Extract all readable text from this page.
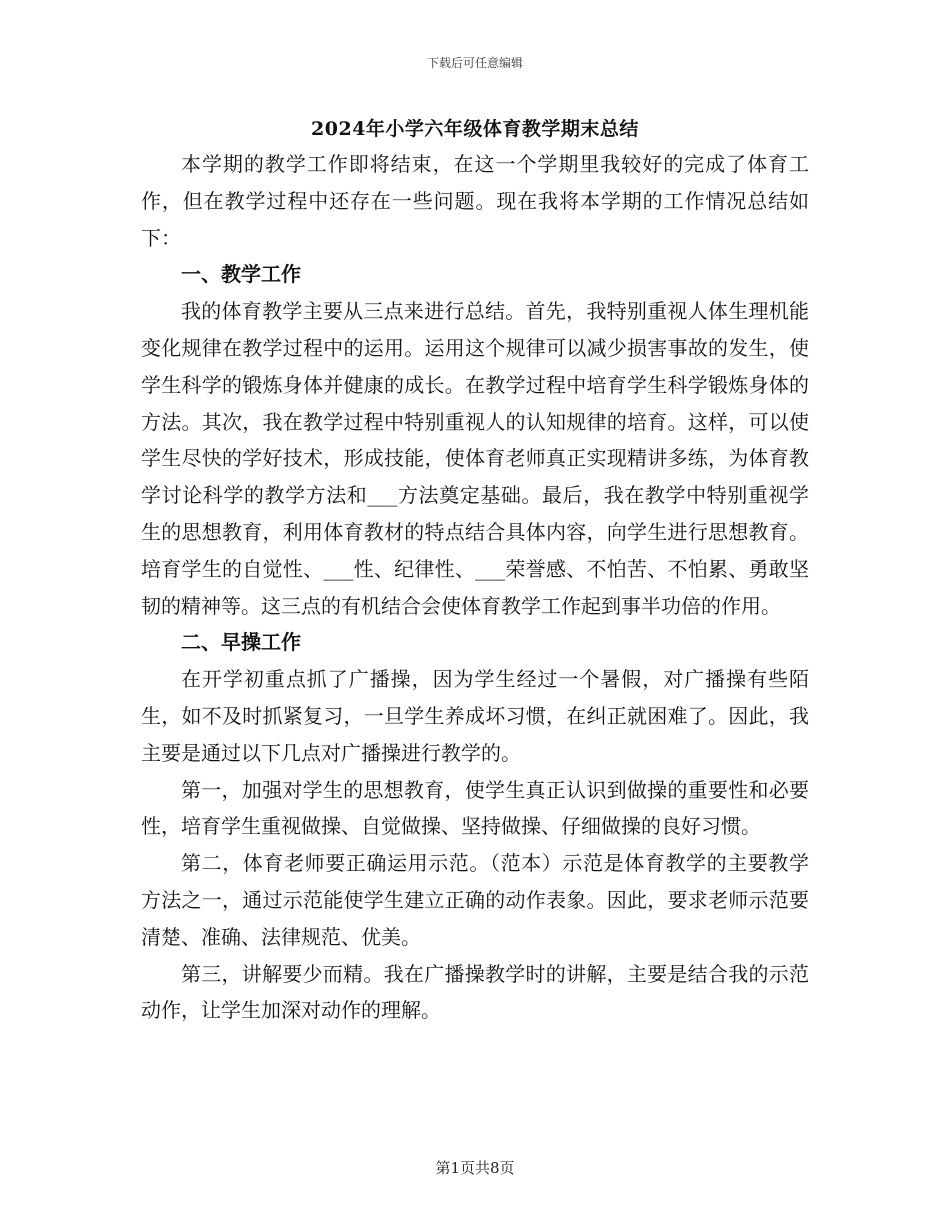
下载后可任意编辑
2024年小学六年级体育教学期末总结

本学期的教学工作即将结束，在这一个学期里我较好的完成了体育工作，但在教学过程中还存在一些问题。现在我将本学期的工作情况总结如下：

一、教学工作

我的体育教学主要从三点来进行总结。首先，我特别重视人体生理机能变化规律在教学过程中的运用。运用这个规律可以减少损害事故的发生，使学生科学的锻炼身体并健康的成长。在教学过程中培育学生科学锻炼身体的方法。其次，我在教学过程中特别重视人的认知规律的培育。这样，可以使学生尽快的学好技术，形成技能，使体育老师真正实现精讲多练，为体育教学讨论科学的教学方法和___方法奠定基础。最后，我在教学中特别重视学生的思想教育，利用体育教材的特点结合具体内容，向学生进行思想教育。培育学生的自觉性、___性、纪律性、___荣誉感、不怕苦、不怕累、勇敢坚韧的精神等。这三点的有机结合会使体育教学工作起到事半功倍的作用。

二、早操工作

在开学初重点抓了广播操，因为学生经过一个暑假，对广播操有些陌生，如不及时抓紧复习，一旦学生养成坏习惯，在纠正就困难了。因此，我主要是通过以下几点对广播操进行教学的。

第一，加强对学生的思想教育，使学生真正认识到做操的重要性和必要性，培育学生重视做操、自觉做操、坚持做操、仔细做操的良好习惯。

第二，体育老师要正确运用示范。（范本）示范是体育教学的主要教学方法之一，通过示范能使学生建立正确的动作表象。因此，要求老师示范要清楚、准确、法律规范、优美。

第三，讲解要少而精。我在广播操教学时的讲解，主要是结合我的示范动作，让学生加深对动作的理解。

第1页共8页
